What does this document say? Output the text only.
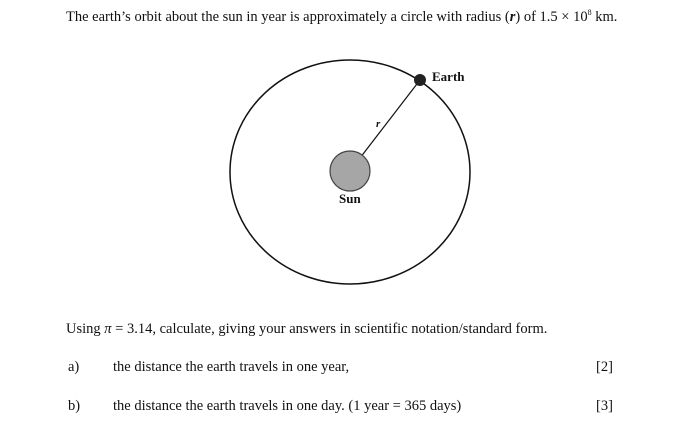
The earth’s orbit about the sun in year is approximately a circle with radius (r) of $1.5 \times 10^8$ km.
Earth
Sun
r
Using π = 3.14, calculate, giving your answers in scientific notation/standard form.
a) the distance the earth travels in one year,	[2]
b) the distance the earth travels in one day. (1 year = 365 days)	[3]
